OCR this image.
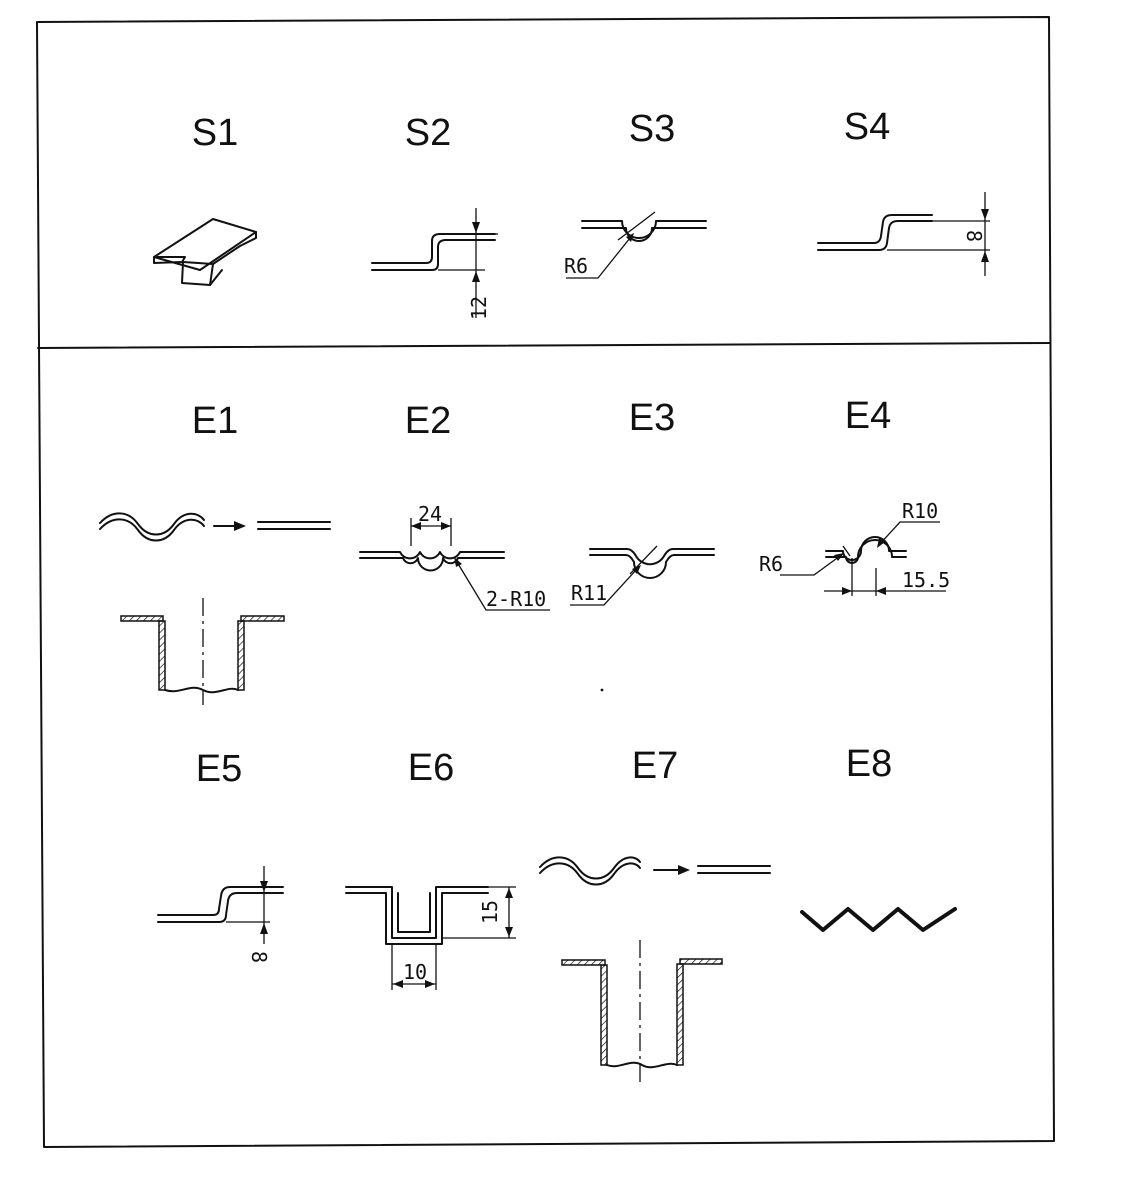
S1	S2
12
S3
R6
S4
8
E1	E2
24
2-R10
E3
R11
E4
R10
R6
15.5
E5
8
E6
15
10
E7	E8
